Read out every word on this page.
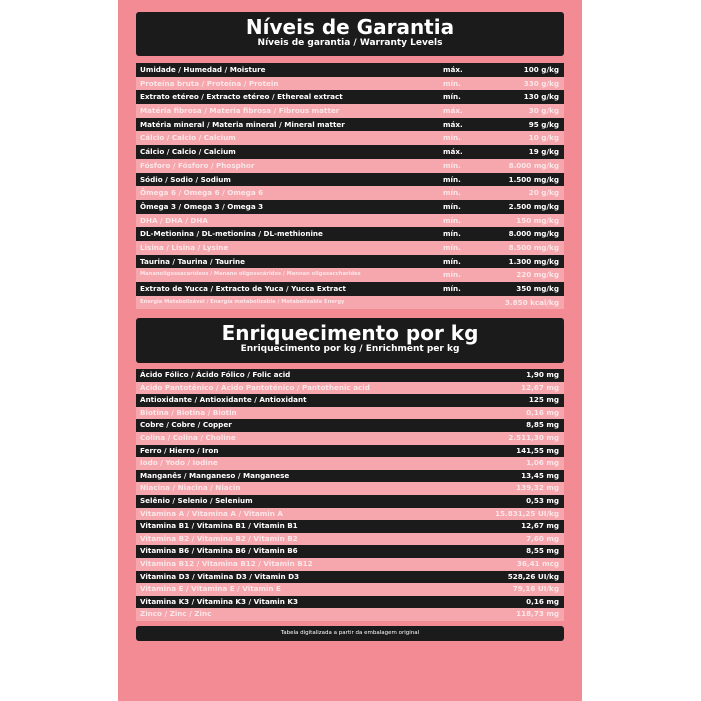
Níveis de Garantia
Níveis de garantia / Warranty Levels
Umidade / Humedad / Moisture	máx.	100 g/kg
Proteína bruta / Proteína / Protein	mín.	330 g/kg
Extrato etéreo / Extracto etéreo / Ethereal extract	mín.	130 g/kg
Matéria fibrosa / Materia fibrosa / Fibrous matter	máx.	30 g/kg
Matéria mineral / Materia mineral / Mineral matter	máx.	95 g/kg
Cálcio / Calcio / Calcium	mín.	10 g/kg
Cálcio / Calcio / Calcium	máx.	19 g/kg
Fósforo / Fósforo / Phosphor	mín.	8.000 mg/kg
Sódio / Sodio / Sodium	mín.	1.500 mg/kg
Ômega 6 / Omega 6 / Omega 6	mín.	20 g/kg
Ômega 3 / Omega 3 / Omega 3	mín.	2.500 mg/kg
DHA / DHA / DHA	mín.	150 mg/kg
DL-Metionina / DL-metionina / DL-methionine	mín.	8.000 mg/kg
Lisina / Lisina / Lysine	mín.	8.500 mg/kg
Taurina / Taurina / Taurine	mín.	1.300 mg/kg
Mananoligossacarídeos / Manano oligosacáridos / Mannan oligosaccharides	mín.	220 mg/kg
Extrato de Yucca / Extracto de Yuca / Yucca Extract	mín.	350 mg/kg
Energia Metabolizável / Energía metabolizable / Metabolizable Energy	3.850 kcal/kg
Enriquecimento por kg
Enriquecimento por kg / Enrichment per kg
Ácido Fólico / Ácido Fólico / Folic acid	1,90 mg
Ácido Pantotênico / Ácido Pantoténico / Pantothenic acid	12,67 mg
Antioxidante / Antioxidante / Antioxidant	125 mg
Biotina / Biotina / Biotin	0,16 mg
Cobre / Cobre / Copper	8,85 mg
Colina / Colina / Choline	2.511,30 mg
Ferro / Hierro / Iron	141,55 mg
Iodo / Yodo / Iodine	1,06 mg
Manganês / Manganeso / Manganese	13,45 mg
Niacina / Niacina / Niacin	139,32 mg
Selênio / Selenio / Selenium	0,53 mg
Vitamina A / Vitamina A / Vitamin A	15.831,25 UI/kg
Vitamina B1 / Vitamina B1 / Vitamin B1	12,67 mg
Vitamina B2 / Vitamina B2 / Vitamin B2	7,60 mg
Vitamina B6 / Vitamina B6 / Vitamin B6	8,55 mg
Vitamina B12 / Vitamina B12 / Vitamin B12	36,41 mcg
Vitamina D3 / Vitamina D3 / Vitamin D3	528,26 UI/kg
Vitamina E / Vitamina E / Vitamin E	79,16 UI/kg
Vitamina K3 / Vitamina K3 / Vitamin K3	0,16 mg
Zinco / Zinc / Zinc	118,73 mg
Tabela digitalizada a partir da embalagem original
